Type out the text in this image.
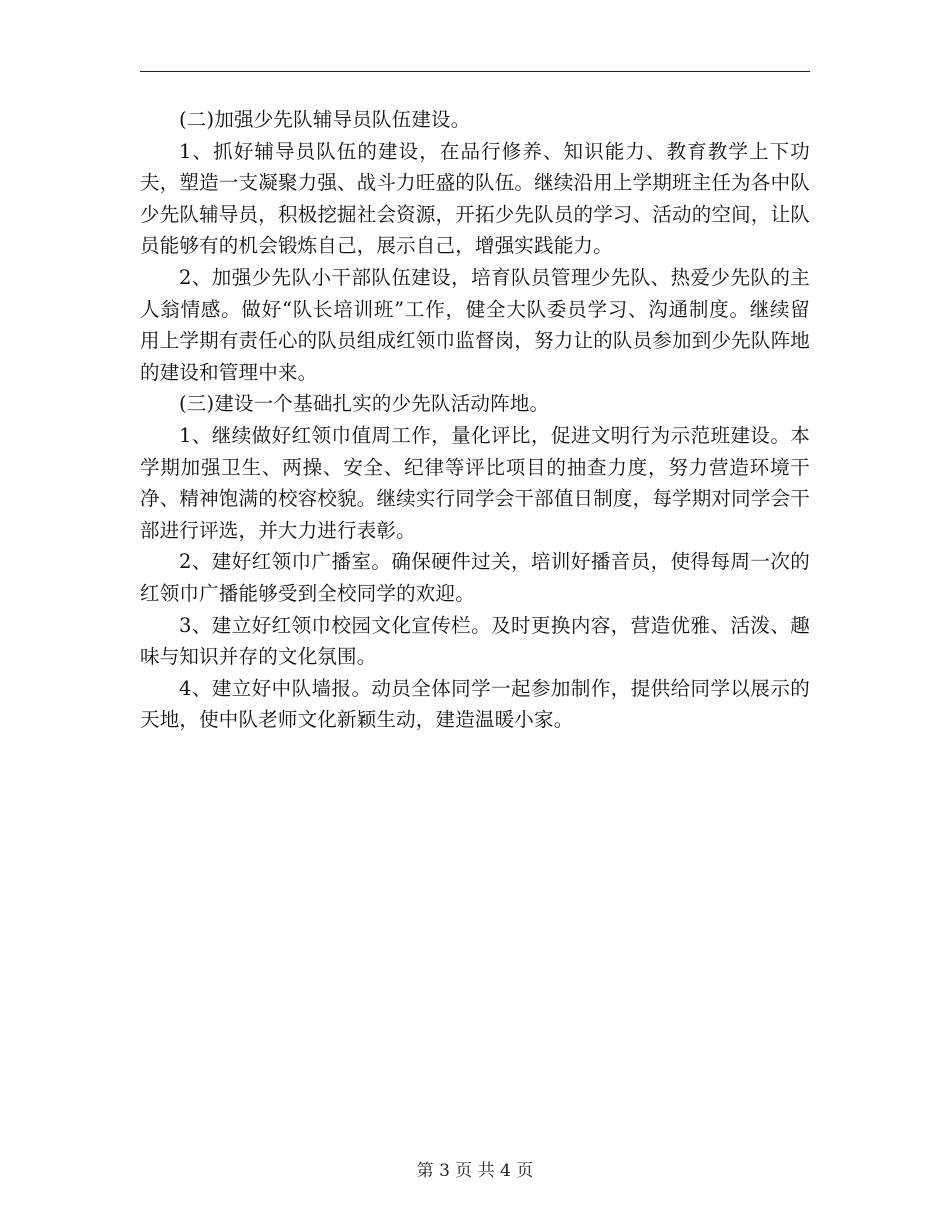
(二)加强少先队辅导员队伍建设。

1、抓好辅导员队伍的建设，在品行修养、知识能力、教育教学上下功夫，塑造一支凝聚力强、战斗力旺盛的队伍。继续沿用上学期班主任为各中队少先队辅导员，积极挖掘社会资源，开拓少先队员的学习、活动的空间，让队员能够有的机会锻炼自己，展示自己，增强实践能力。

2、加强少先队小干部队伍建设，培育队员管理少先队、热爱少先队的主人翁情感。做好“队长培训班”工作，健全大队委员学习、沟通制度。继续留用上学期有责任心的队员组成红领巾监督岗，努力让的队员参加到少先队阵地的建设和管理中来。

(三)建设一个基础扎实的少先队活动阵地。

1、继续做好红领巾值周工作，量化评比，促进文明行为示范班建设。本学期加强卫生、两操、安全、纪律等评比项目的抽查力度，努力营造环境干净、精神饱满的校容校貌。继续实行同学会干部值日制度，每学期对同学会干部进行评选，并大力进行表彰。

2、建好红领巾广播室。确保硬件过关，培训好播音员，使得每周一次的红领巾广播能够受到全校同学的欢迎。

3、建立好红领巾校园文化宣传栏。及时更换内容，营造优雅、活泼、趣味与知识并存的文化氛围。

4、建立好中队墙报。动员全体同学一起参加制作，提供给同学以展示的天地，使中队老师文化新颖生动，建造温暖小家。

第 3 页 共 4 页
